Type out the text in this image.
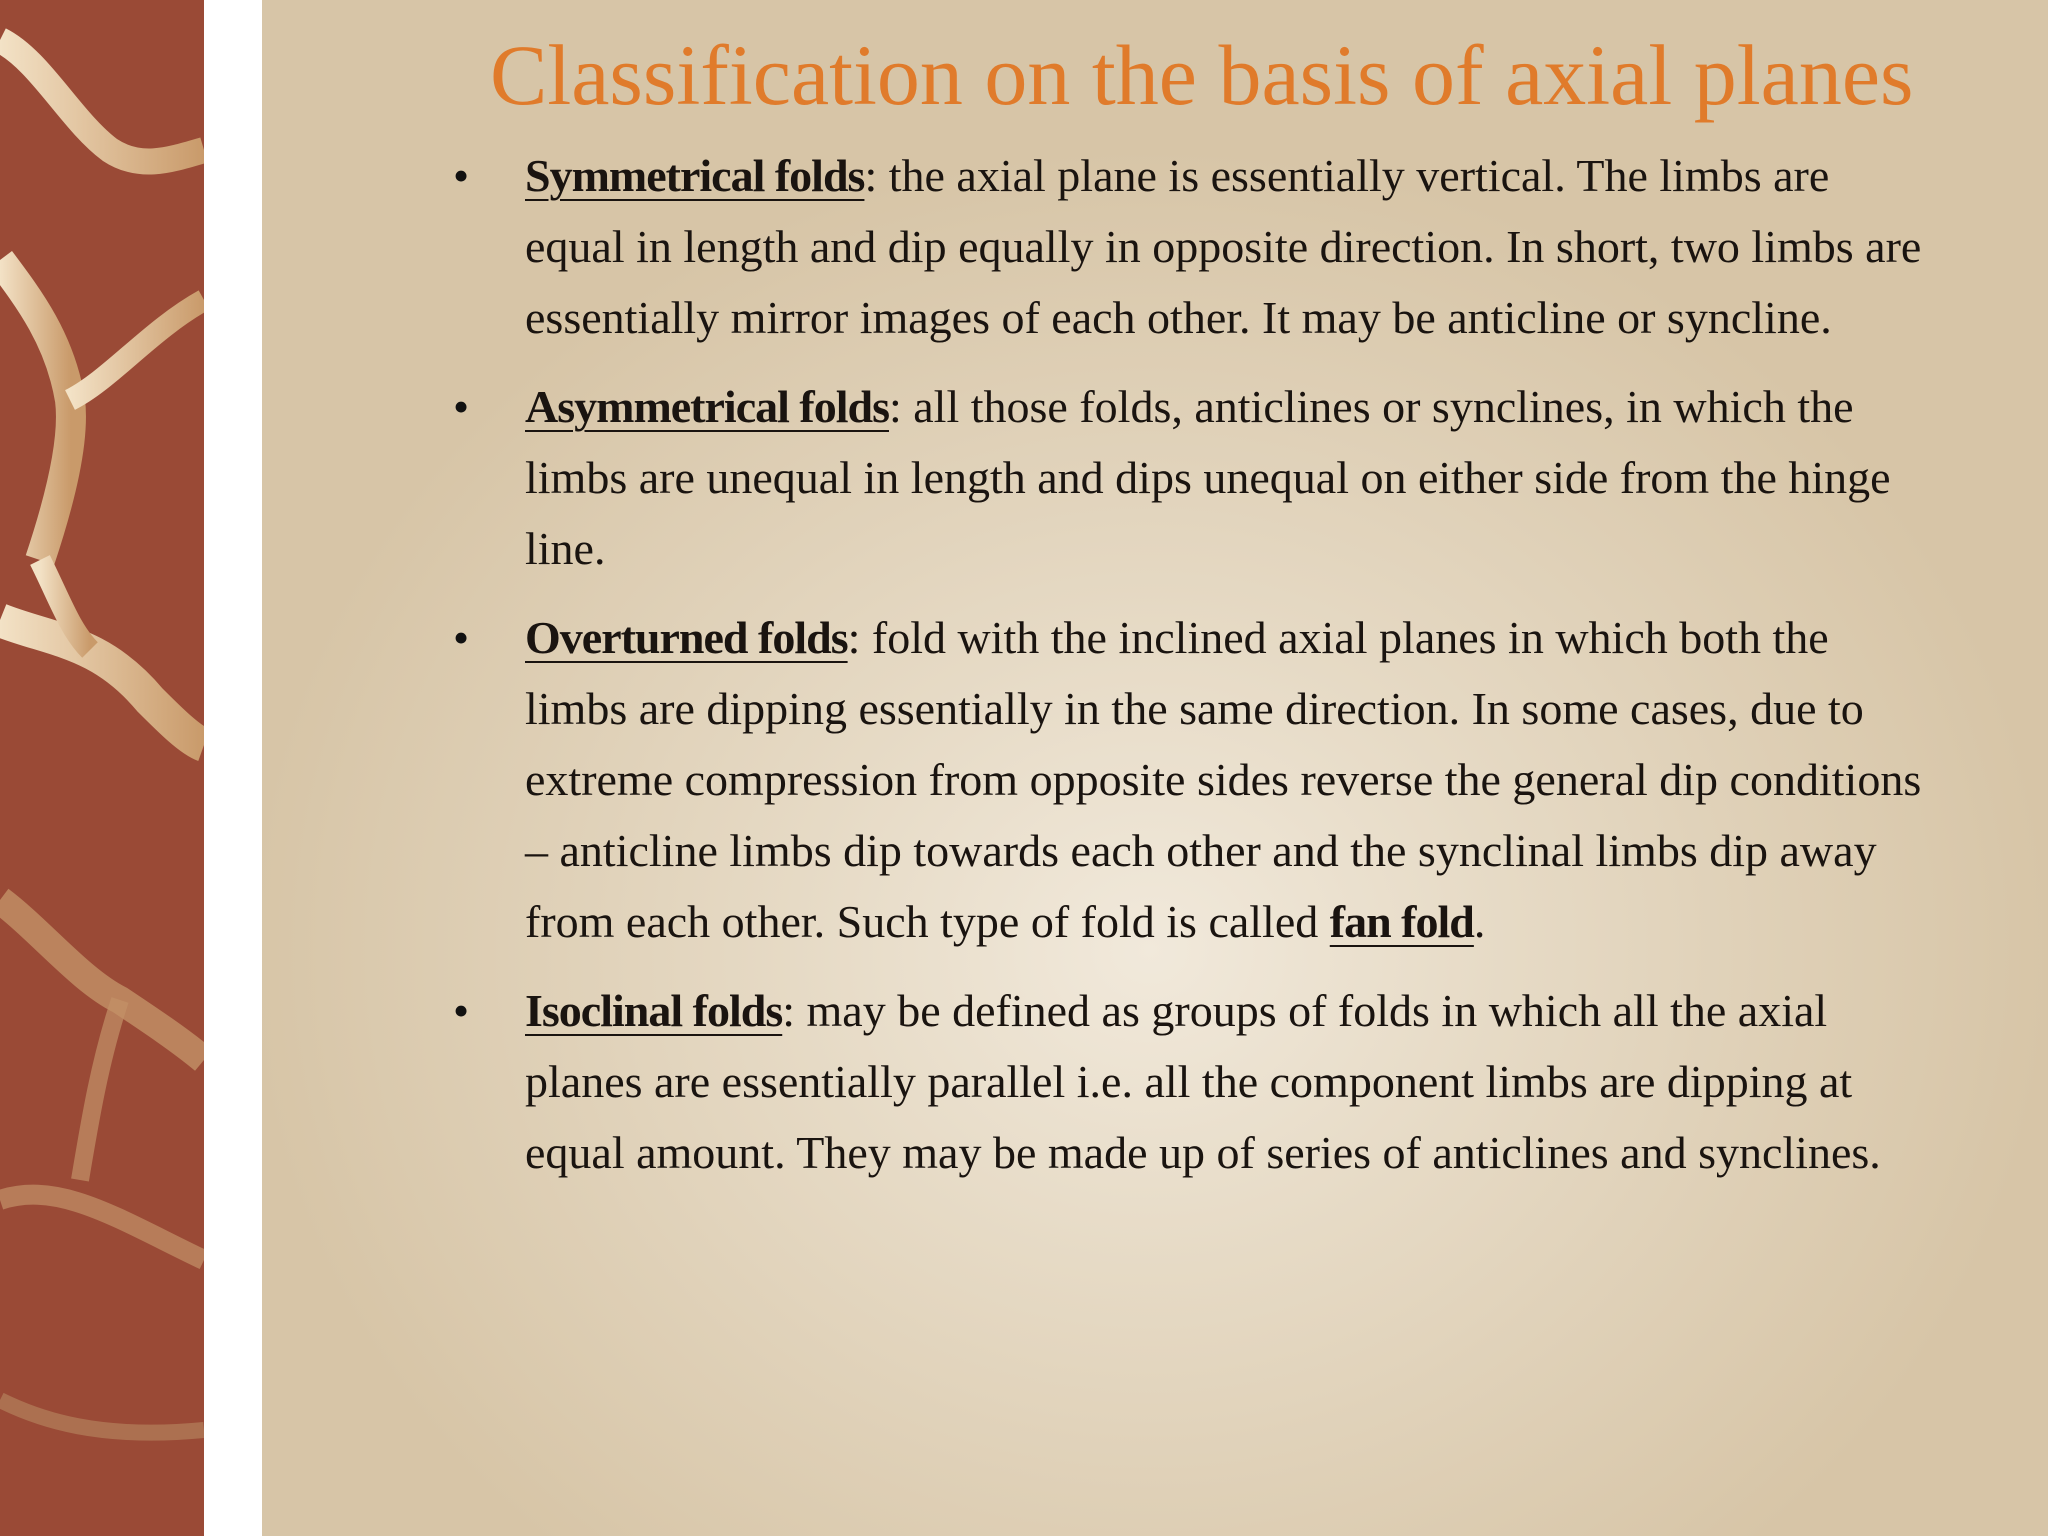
Classification on the basis of axial planes
• Symmetrical folds: the axial plane is essentially vertical. The limbs are equal in length and dip equally in opposite direction. In short, two limbs are essentially mirror images of each other. It may be anticline or syncline.
• Asymmetrical folds: all those folds, anticlines or synclines, in which the limbs are unequal in length and dips unequal on either side from the hinge line.
• Overturned folds: fold with the inclined axial planes in which both the limbs are dipping essentially in the same direction. In some cases, due to extreme compression from opposite sides reverse the general dip conditions – anticline limbs dip towards each other and the synclinal limbs dip away from each other. Such type of fold is called fan fold.
• Isoclinal folds: may be defined as groups of folds in which all the axial planes are essentially parallel i.e. all the component limbs are dipping at equal amount. They may be made up of series of anticlines and synclines.
